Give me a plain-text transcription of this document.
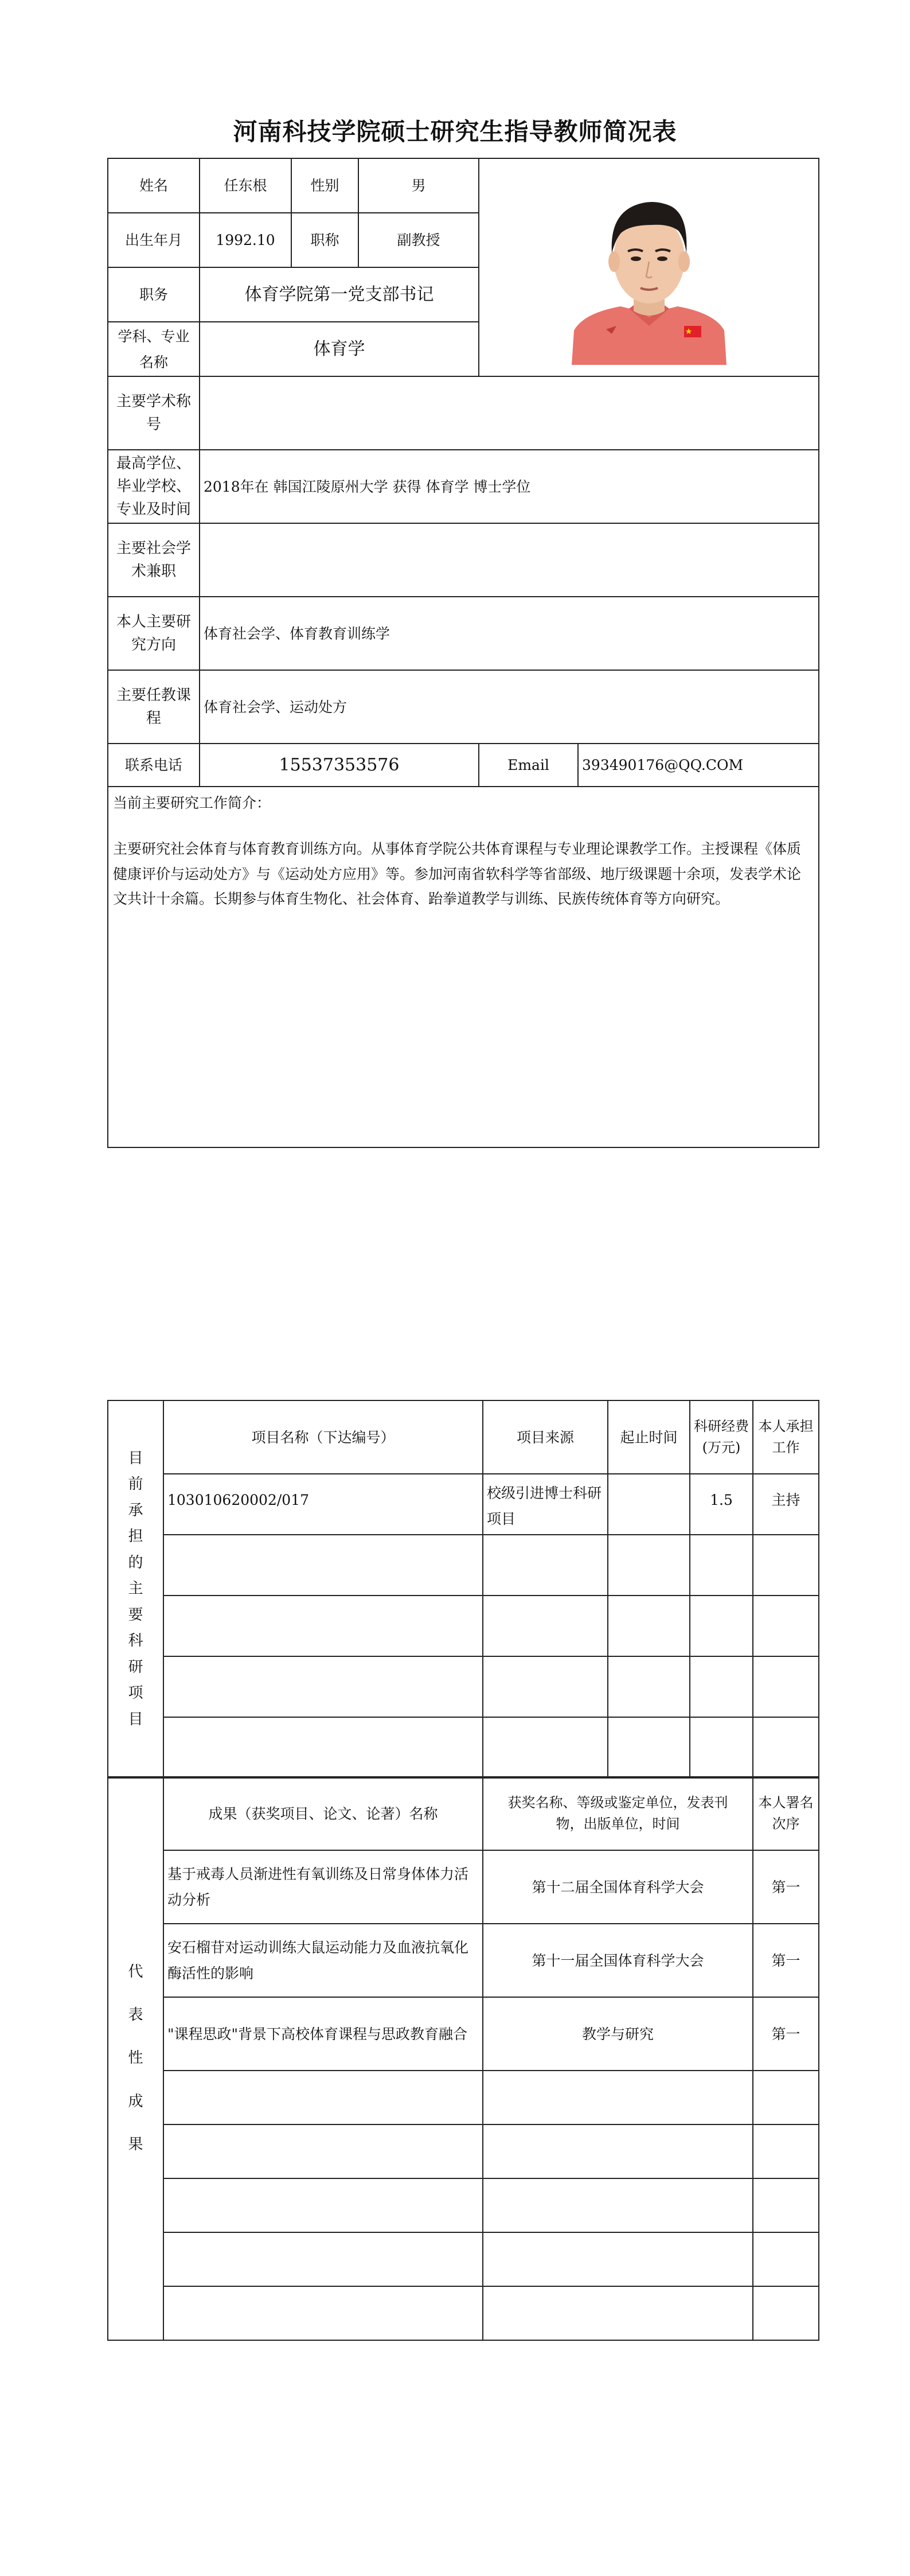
河南科技学院硕士研究生指导教师简况表
姓名	任东根	性别	男	

出生年月	1992.10	职称	副教授		
职务	体育学院第一党支部书记				
学科、专业名称	体育学				
主要学术称 号					
最高学位、毕业学校、专业及时间	2018年在 韩国江陵原州大学 获得 体育学 博士学位				
主要社会学术兼职					
本人主要研究方向	体育社会学、体育教育训练学				
主要任教课 程	体育社会学、运动处方				
联系电话	15537353576			Email	393490176@QQ.COM

当前主要研究工作简介：

主要研究社会体育与体育教育训练方向。从事体育学院公共体育课程与专业理论课教学工作。主授课程《体质健康评价与运动处方》与《运动处方应用》等。参加河南省软科学等省部级、地厅级课题十余项，发表学术论文共计十余篇。长期参与体育生物化、社会体育、跆拳道教学与训练、民族传统体育等方向研究。					

目前承担的主要科研项目	项目名称（下达编号）	项目来源	起止时间	科研经费(万元)	本人承担工作
	103010620002/017	校级引进博士科研项目		1.5	主持

代表性成果	成果（获奖项目、论文、论著）名称	获奖名称、等级或鉴定单位，发表刊物，出版单位，时间	本人署名次序
	基于戒毒人员渐进性有氧训练及日常身体体力活动分析	第十二届全国体育科学大会	第一
	安石榴苷对运动训练大鼠运动能力及血液抗氧化酶活性的影响	第十一届全国体育科学大会	第一
	"课程思政"背景下高校体育课程与思政教育融合	教学与研究	第一
